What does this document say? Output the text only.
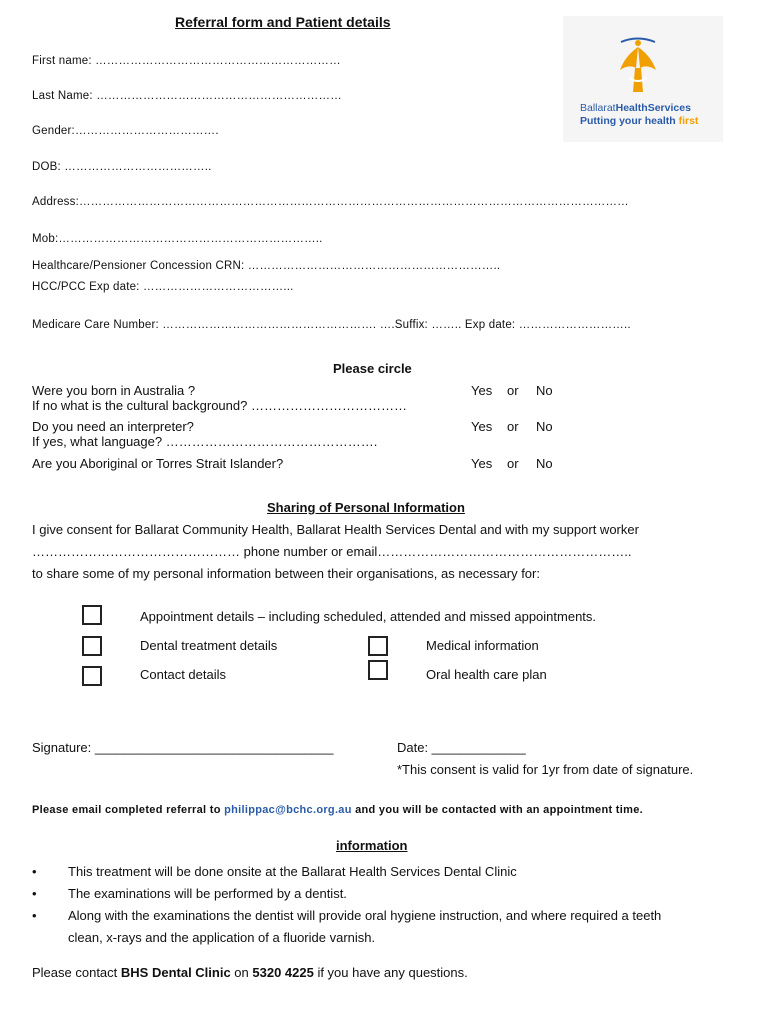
Referral form and Patient details
BallaratHealthServices
Putting your health first
First name: ………………………………………………………
Last Name: ………………………………………………………
Gender:……………………………….
DOB: ………………………………..
Address:……………………………………………………………………………………………………………………………
Mob:…………………………………………………………..
Healthcare/Pensioner Concession CRN: ………………………………………………………..
HCC/PCC Exp date: ………………………………...
Medicare Care Number: ………………………………………………. ….Suffix: …….. Exp date: ………………………..
Please circle
Were you born in Australia ?
If no what is the cultural background? ………………………………
Yes or No
Do you need an interpreter?
If yes, what language? ………………………………………….
Yes or No
Are you Aboriginal or Torres Strait Islander?	Yes or No
Sharing of Personal Information
I give consent for Ballarat Community Health, Ballarat Health Services Dental and with my support worker
………………………………………… phone number or email…………………………………………………..
to share some of my personal information between their organisations, as necessary for:
Appointment details – including scheduled, attended and missed appointments.
Dental treatment details	Medical information
Contact details	Oral health care plan
Signature: _________________________________	Date: _____________
*This consent is valid for 1yr from date of signature.
Please email completed referral to philippac@bchc.org.au and you will be contacted with an appointment time.
information
• This treatment will be done onsite at the Ballarat Health Services Dental Clinic
• The examinations will be performed by a dentist.
• Along with the examinations the dentist will provide oral hygiene instruction, and where required a teeth
clean, x-rays and the application of a fluoride varnish.
Please contact BHS Dental Clinic on 5320 4225 if you have any questions.
